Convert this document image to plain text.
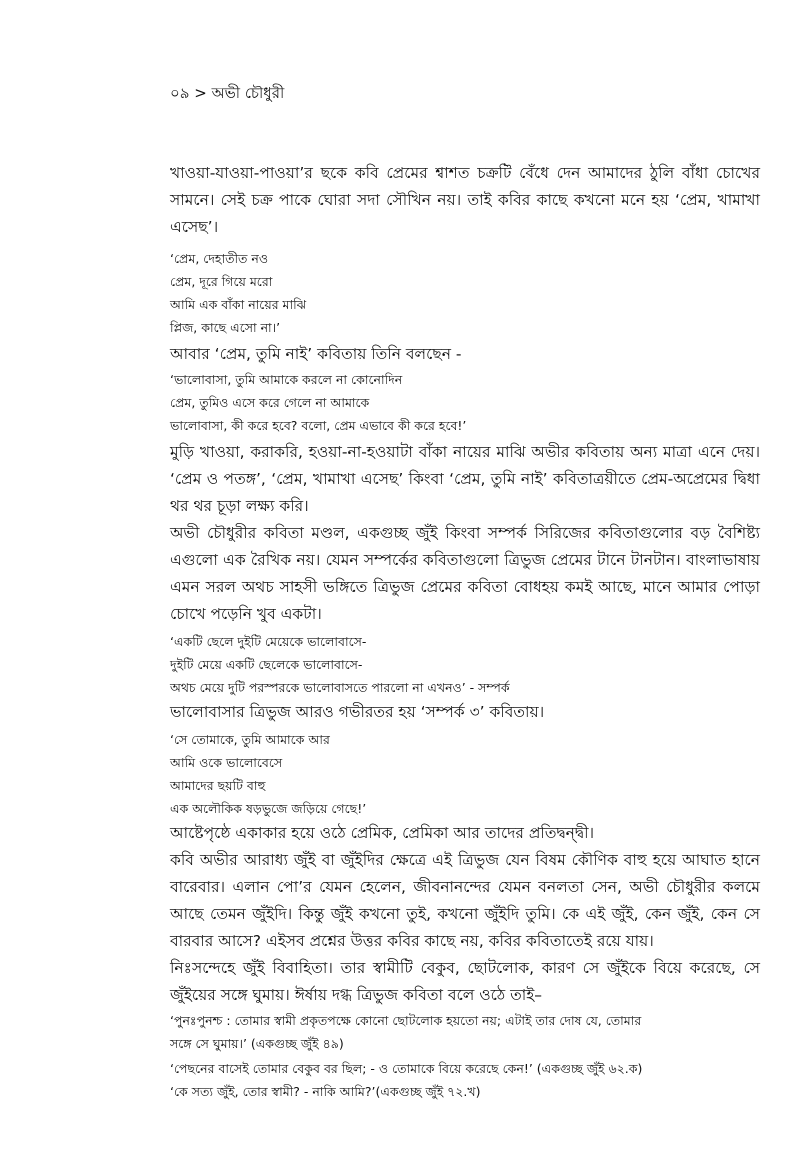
০৯ > অভী চৌধুরী

খাওয়া-যাওয়া-পাওয়া’র ছকে কবি প্রেমের শ্বাশত চক্রটি বেঁধে দেন আমাদের ঠুলি বাঁধা চোখের সামনে। সেই চক্র পাকে ঘোরা সদা সৌখিন নয়। তাই কবির কাছে কখনো মনে হয় ‘প্রেম, খামাখা এসেছ’।

‘প্রেম, দেহাতীত নও

প্রেম, দূরে গিয়ে মরো

আমি এক বাঁকা নায়ের মাঝি

প্লিজ, কাছে এসো না।’

আবার ‘প্রেম, তুমি নাই’ কবিতায় তিনি বলছেন -

‘ভালোবাসা, তুমি আমাকে করলে না কোনোদিন

প্রেম, তুমিও এসে করে গেলে না আমাকে

ভালোবাসা, কী করে হবে? বলো, প্রেম এভাবে কী করে হবে!’

মুড়ি খাওয়া, করাকরি, হওয়া-না-হওয়াটা বাঁকা নায়ের মাঝি অভীর কবিতায় অন্য মাত্রা এনে দেয়। ‘প্রেম ও পতঙ্গ’, ‘প্রেম, খামাখা এসেছ’ কিংবা ‘প্রেম, তুমি নাই’ কবিতাত্রয়ীতে প্রেম-অপ্রেমের দ্বিধা থর থর চূড়া লক্ষ্য করি।

অভী চৌধুরীর কবিতা মণ্ডল, একগুচ্ছ জুঁই কিংবা সম্পর্ক সিরিজের কবিতাগুলোর বড় বৈশিষ্ট্য এগুলো এক রৈখিক নয়। যেমন সম্পর্কের কবিতাগুলো ত্রিভুজ প্রেমের টানে টানটান। বাংলাভাষায় এমন সরল অথচ সাহসী ভঙ্গিতে ত্রিভুজ প্রেমের কবিতা বোধহয় কমই আছে, মানে আমার পোড়া চোখে পড়েনি খুব একটা।

‘একটি ছেলে দুইটি মেয়েকে ভালোবাসে-

দুইটি মেয়ে একটি ছেলেকে ভালোবাসে-

অথচ মেয়ে দুটি পরস্পরকে ভালোবাসতে পারলো না এখনও’ - সম্পর্ক

ভালোবাসার ত্রিভুজ আরও গভীরতর হয় ‘সম্পর্ক ৩’ কবিতায়।

‘সে তোমাকে, তুমি আমাকে আর

আমি ওকে ভালোবেসে

আমাদের ছয়টি বাহু

এক অলৌকিক ষড়ভুজে জড়িয়ে গেছে!’

আষ্টেপৃষ্ঠে একাকার হয়ে ওঠে প্রেমিক, প্রেমিকা আর তাদের প্রতিদ্বন্দ্বী।

কবি অভীর আরাধ্য জুঁই বা জুঁইদির ক্ষেত্রে এই ত্রিভুজ যেন বিষম কৌণিক বাহু হয়ে আঘাত হানে বারেবার। এলান পো’র যেমন হেলেন, জীবনানন্দের যেমন বনলতা সেন, অভী চৌধুরীর কলমে আছে তেমন জুঁইদি। কিন্তু জুঁই কখনো তুই, কখনো জুঁইদি তুমি। কে এই জুঁই, কেন জুঁই, কেন সে বারবার আসে? এইসব প্রশ্নের উত্তর কবির কাছে নয়, কবির কবিতাতেই রয়ে যায়।

নিঃসন্দেহে জুঁই বিবাহিতা। তার স্বামীটি বেকুব, ছোটলোক, কারণ সে জুঁইকে বিয়ে করেছে, সে জুঁইয়ের সঙ্গে ঘুমায়। ঈর্ষায় দগ্ধ ত্রিভুজ কবিতা বলে ওঠে তাই–

‘পুনঃপুনশ্চ : তোমার স্বামী প্রকৃতপক্ষে কোনো ছোটলোক হয়তো নয়; এটাই তার দোষ যে, তোমার

সঙ্গে সে ঘুমায়।’ (একগুচ্ছ জুঁই ৪৯)

‘পেছনের বাসেই তোমার বেকুব বর ছিল; - ও তোমাকে বিয়ে করেছে কেন!’ (একগুচ্ছ জুঁই ৬২.ক)

‘কে সত্য জুঁই, তোর স্বামী? - নাকি আমি?’(একগুচ্ছ জুঁই ৭২.খ)
